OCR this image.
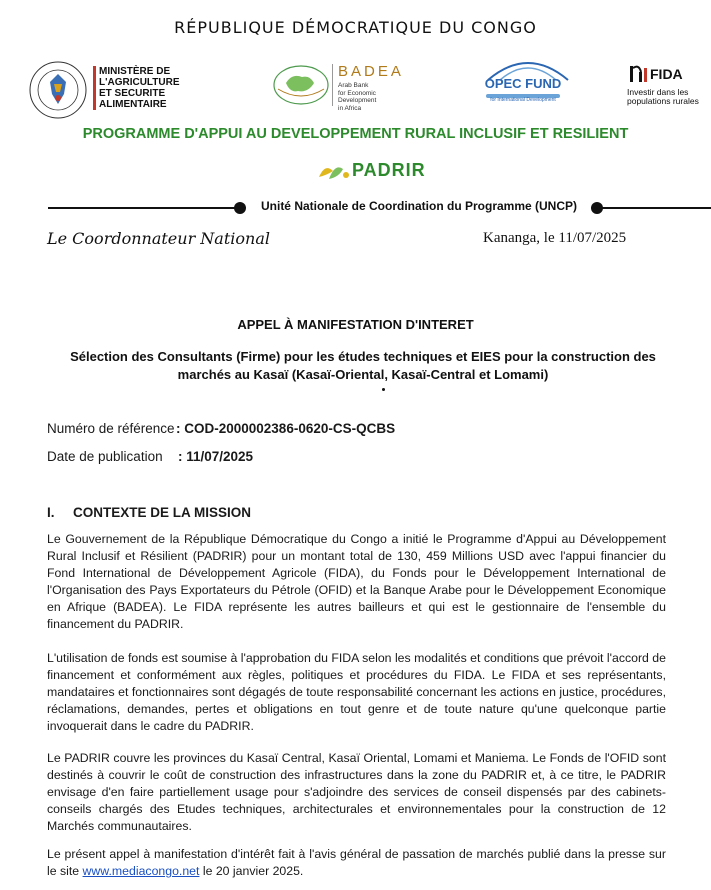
RÉPUBLIQUE DÉMOCRATIQUE DU CONGO
MINISTÈRE DE
L'AGRICULTURE
ET SECURITE
ALIMENTAIRE
BADEA
Arab Bank
for Economic
Development
in Africa
OPEC FUND
for International Development
FIDA
Investir dans les
populations rurales
PROGRAMME D'APPUI AU DEVELOPPEMENT RURAL INCLUSIF ET RESILIENT
PADRIR
Unité Nationale de Coordination du Programme (UNCP)
Le Coordonnateur National	Kananga, le 11/07/2025
APPEL À MANIFESTATION D'INTERET
Sélection des Consultants (Firme) pour les études techniques et EIES pour la construction des marchés au Kasaï (Kasaï-Oriental, Kasaï-Central et Lomami)
Numéro de référence : COD-2000002386-0620-CS-QCBS
Date de publication : 11/07/2025
I. CONTEXTE DE LA MISSION
Le Gouvernement de la République Démocratique du Congo a initié le Programme d'Appui au Développement Rural Inclusif et Résilient (PADRIR) pour un montant total de 130, 459 Millions USD avec l'appui financier du Fond International de Développement Agricole (FIDA), du Fonds pour le Développement International de l'Organisation des Pays Exportateurs du Pétrole (OFID) et la Banque Arabe pour le Développement Economique en Afrique (BADEA). Le FIDA représente les autres bailleurs et qui est le gestionnaire de l'ensemble du financement du PADRIR.
L'utilisation de fonds est soumise à l'approbation du FIDA selon les modalités et conditions que prévoit l'accord de financement et conformément aux règles, politiques et procédures du FIDA. Le FIDA et ses représentants, mandataires et fonctionnaires sont dégagés de toute responsabilité concernant les actions en justice, procédures, réclamations, demandes, pertes et obligations en tout genre et de toute nature qu'une quelconque partie invoquerait dans le cadre du PADRIR.
Le PADRIR couvre les provinces du Kasaï Central, Kasaï Oriental, Lomami et Maniema. Le Fonds de l'OFID sont destinés à couvrir le coût de construction des infrastructures dans la zone du PADRIR et, à ce titre, le PADRIR envisage d'en faire partiellement usage pour s'adjoindre des services de conseil dispensés par des cabinets-conseils chargés des Etudes techniques, architecturales et environnementales pour la construction de 12 Marchés communautaires.
Le présent appel à manifestation d'intérêt fait à l'avis général de passation de marchés publié dans la presse sur le site www.mediacongo.net le 20 janvier 2025.
